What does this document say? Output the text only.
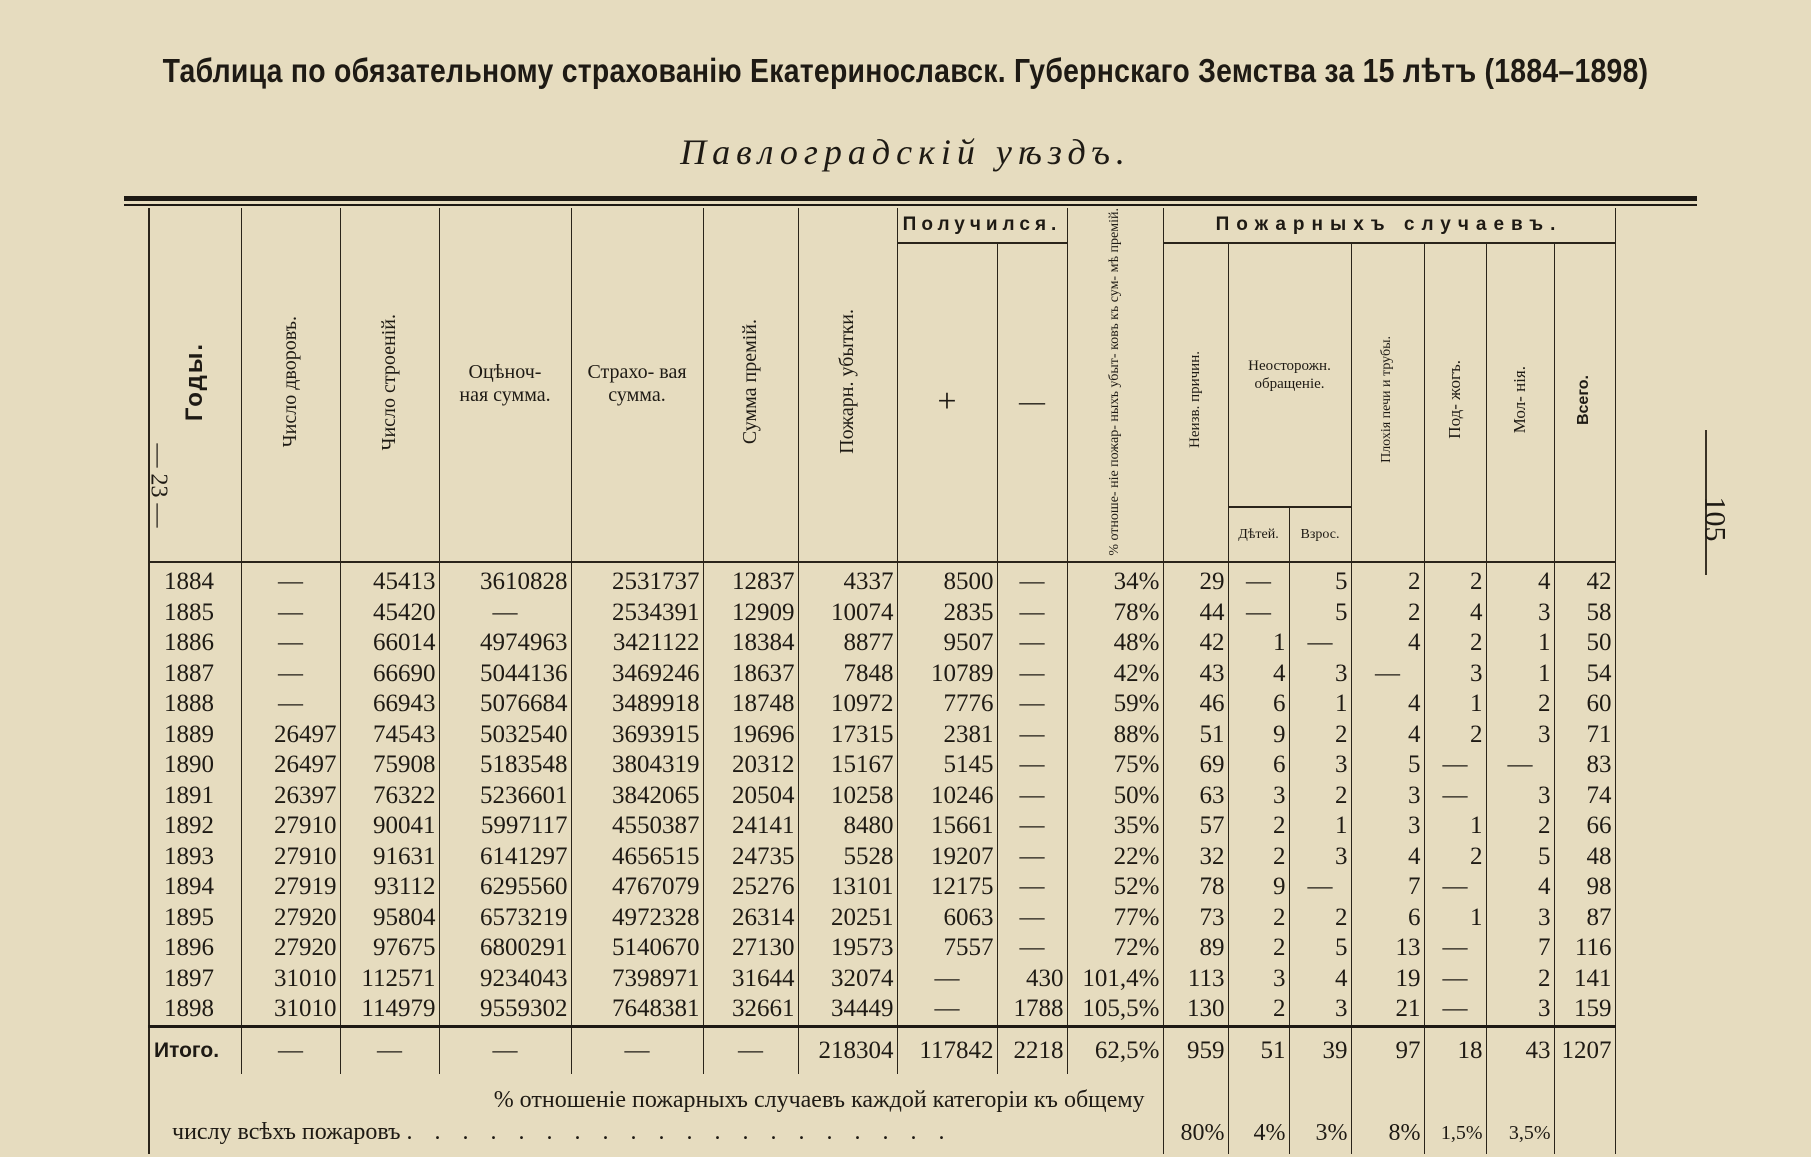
Таблица по обязательному страхованію Екатеринославск. Губернскаго Земства за 15 лѣтъ (1884–1898)
Павлоградскій уѣздъ.
— 23 —	105
Годы.	Число дворовъ.	Число строеній.	Оцѣноч- ная сумма.	Страхо- вая сумма.	Сумма премій.	Пожарн. убытки.	Получился.		% отноше- ніе пожар- ныхъ убыт- ковъ къ сум- мѣ премій.	Пожарныхъ случаевъ.						
							+	—		Неизв. причин.	Неосторожн. обращеніе.		Плохія печи и трубы.	Под- жогъ.	Мол- нія.	Всего.
											Дѣтей.	Взрос.				
1884	—	45413	3610828	2531737	12837	4337	8500	—	34%	29	—	5	2	2	4	42
1885	—	45420	—	2534391	12909	10074	2835	—	78%	44	—	5	2	4	3	58
1886	—	66014	4974963	3421122	18384	8877	9507	—	48%	42	1	—	4	2	1	50
1887	—	66690	5044136	3469246	18637	7848	10789	—	42%	43	4	3	—	3	1	54
1888	—	66943	5076684	3489918	18748	10972	7776	—	59%	46	6	1	4	1	2	60
1889	26497	74543	5032540	3693915	19696	17315	2381	—	88%	51	9	2	4	2	3	71
1890	26497	75908	5183548	3804319	20312	15167	5145	—	75%	69	6	3	5	—	—	83
1891	26397	76322	5236601	3842065	20504	10258	10246	—	50%	63	3	2	3	—	3	74
1892	27910	90041	5997117	4550387	24141	8480	15661	—	35%	57	2	1	3	1	2	66
1893	27910	91631	6141297	4656515	24735	5528	19207	—	22%	32	2	3	4	2	5	48
1894	27919	93112	6295560	4767079	25276	13101	12175	—	52%	78	9	—	7	—	4	98
1895	27920	95804	6573219	4972328	26314	20251	6063	—	77%	73	2	2	6	1	3	87
1896	27920	97675	6800291	5140670	27130	19573	7557	—	72%	89	2	5	13	—	7	116
1897	31010	112571	9234043	7398971	31644	32074	—	430	101,4%	113	3	4	19	—	2	141
1898	31010	114979	9559302	7648381	32661	34449	—	1788	105,5%	130	2	3	21	—	3	159
Итого.	—	—	—	—	—	218304	117842	2218	62,5%	959	51	39	97	18	43	1207

% отношеніе пожарныхъ случаевъ каждой категоріи къ общему
числу всѣхъ пожаровъ . . . . . . . . . . . . . . . . . . . .										80%	4%	3%	8%	1,5%	3,5%	
